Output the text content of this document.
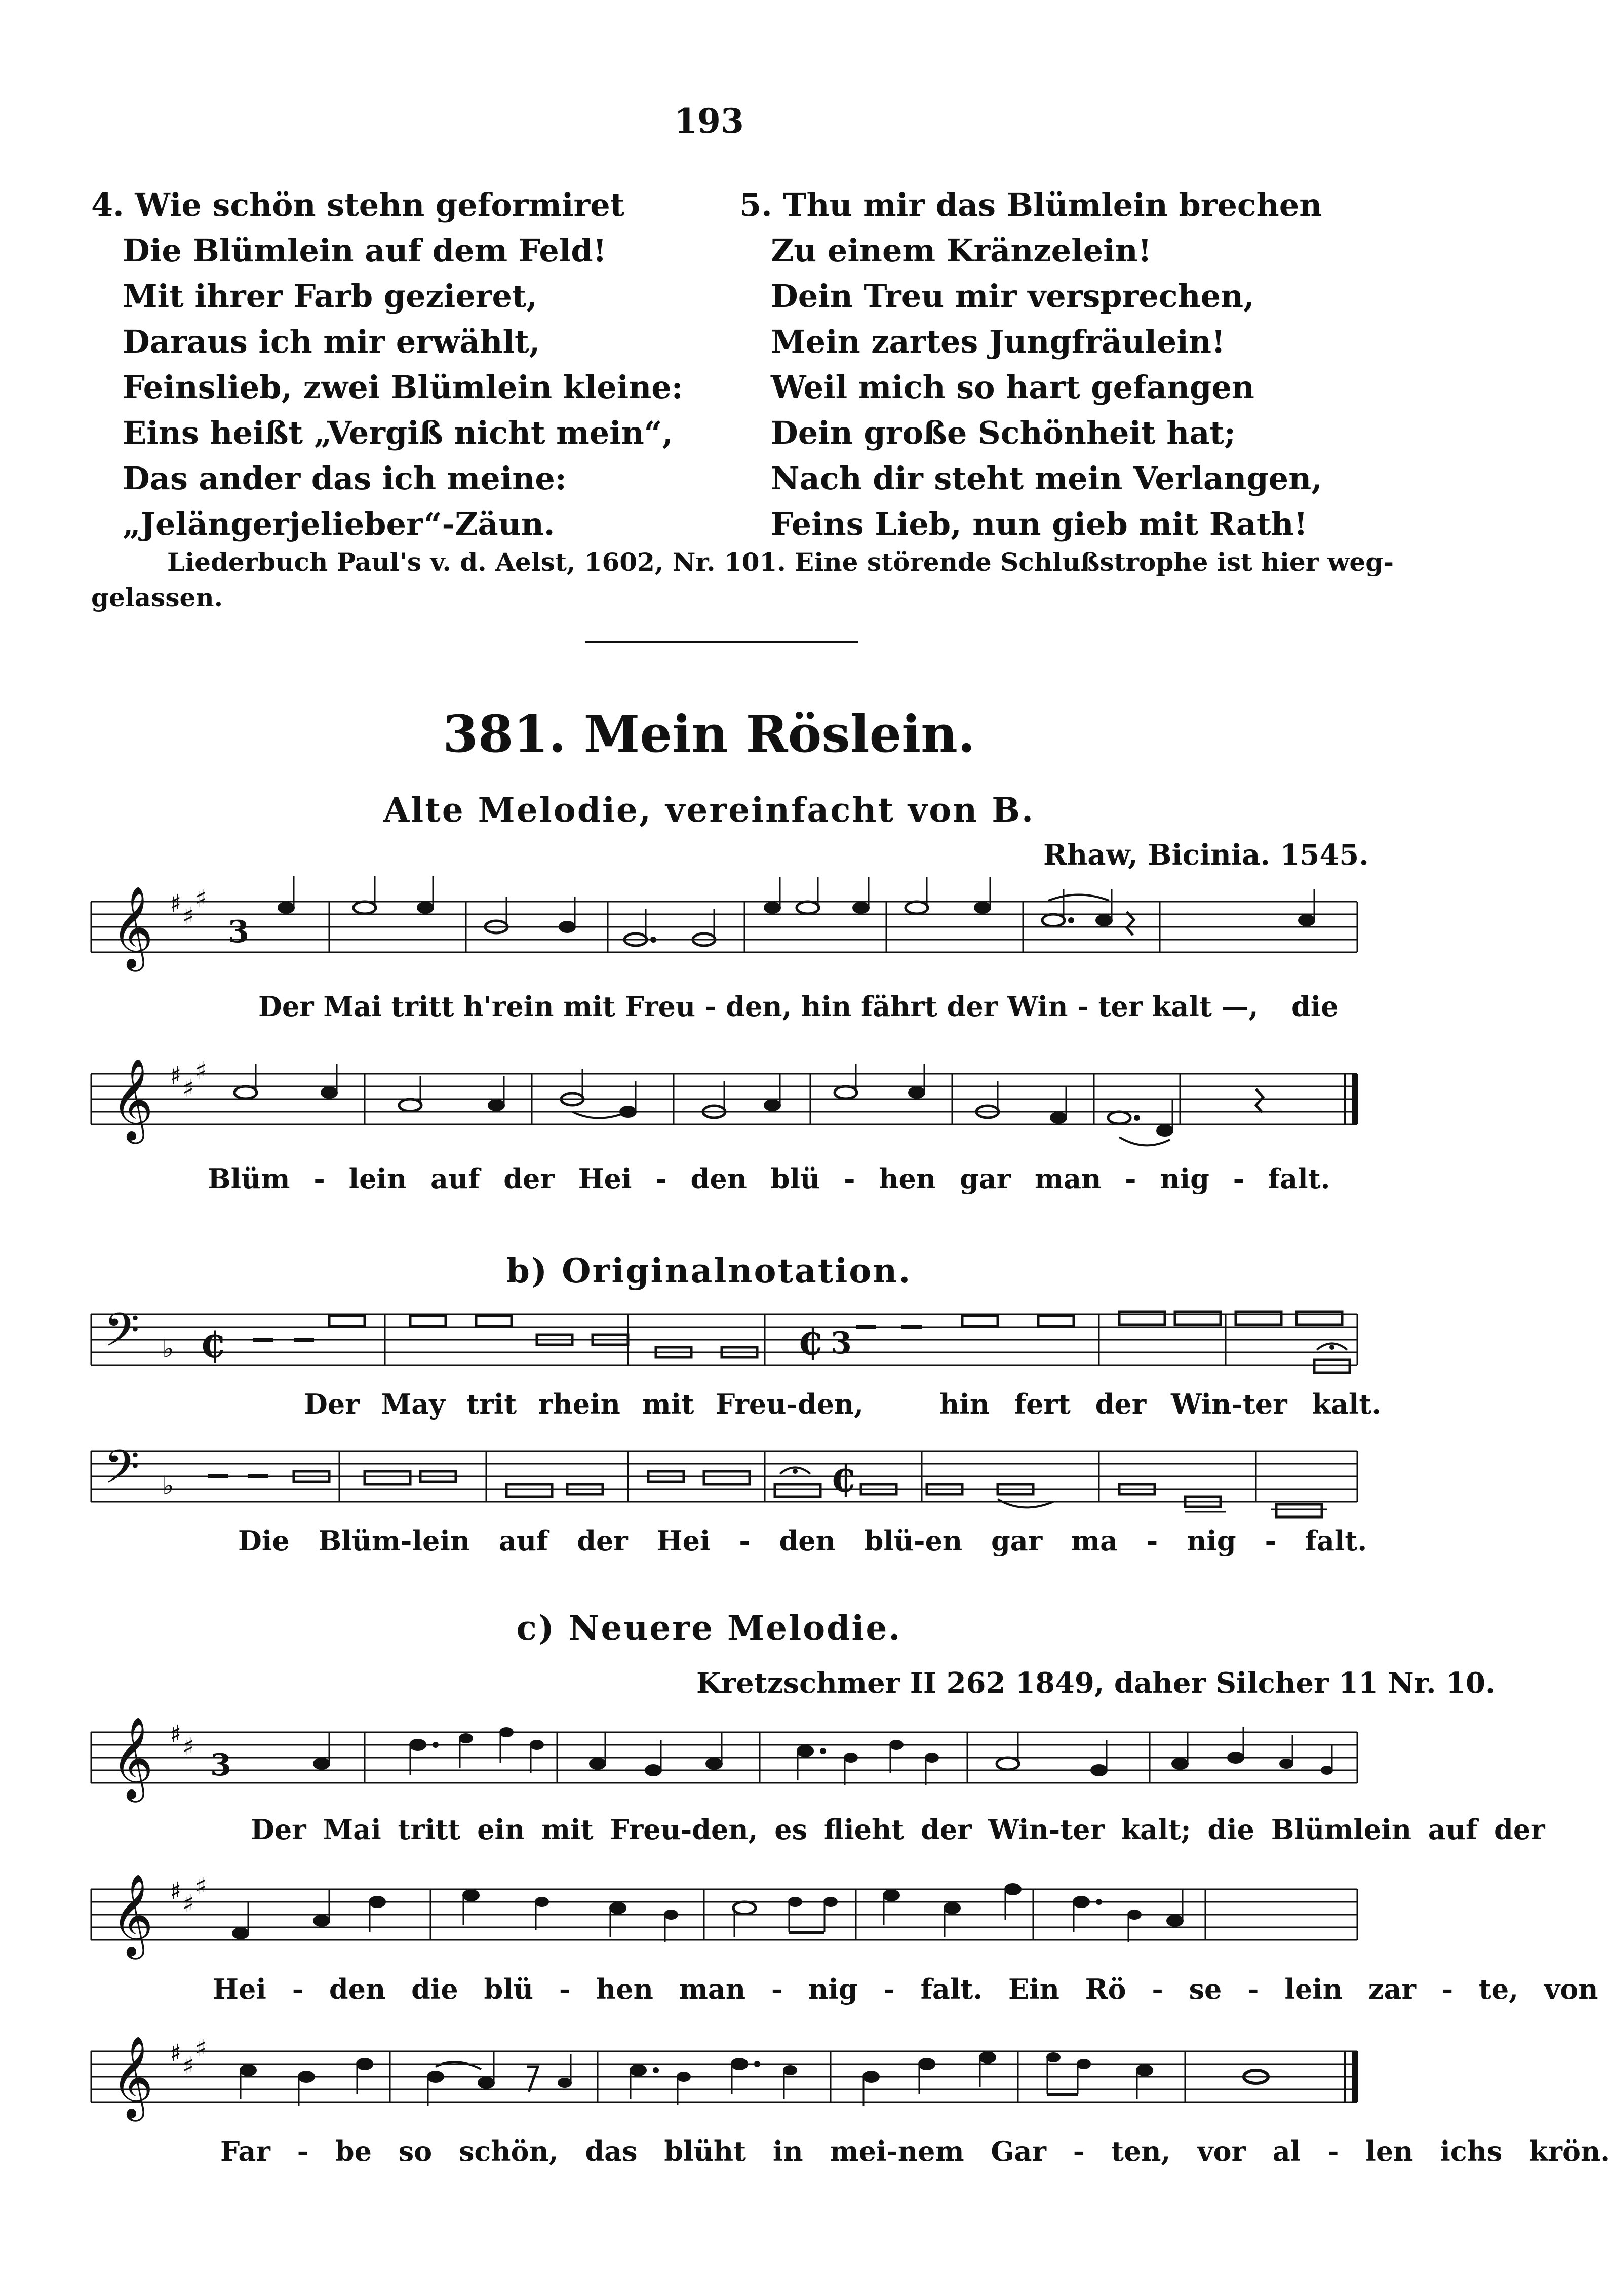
193
4. Wie schön stehn geformiret
Die Blümlein auf dem Feld!
Mit ihrer Farb gezieret,
Daraus ich mir erwählt,
Feinslieb, zwei Blümlein kleine:
Eins heißt „Vergiß nicht mein“,
Das ander das ich meine:
„Jelängerjelieber“-Zäun.
5. Thu mir das Blümlein brechen
Zu einem Kränzelein!
Dein Treu mir versprechen,
Mein zartes Jungfräulein!
Weil mich so hart gefangen
Dein große Schönheit hat;
Nach dir steht mein Verlangen,
Feins Lieb, nun gieb mit Rath!
Liederbuch Paul's v. d. Aelst, 1602, Nr. 101. Eine störende Schlußstrophe ist hier weg-
gelassen.
381. Mein Röslein.
Alte Melodie, vereinfacht von B.
Rhaw, Bicinia. 1545.
𝄞 ♯ ♯
♯
3
Der Mai tritt h'rein mit Freu - den, hin fährt der Win - ter kalt —, die
𝄞 ♯ ♯
♯
Blüm - lein auf der Hei - den blü - hen gar man - nig - falt.
b) Originalnotation.
𝄢 ♭ ₵	₵ 3
Der May trit rhein mit Freu-den,	hin fert der Win-ter kalt.
𝄢 ♭	₵
Die Blüm-lein auf der Hei - den blü-en gar ma - nig - falt.
c) Neuere Melodie.
Kretzschmer II 262 1849, daher Silcher 11 Nr. 10.
𝄞 ♯ ♯
3
Der Mai tritt ein mit Freu-den, es flieht der Win-ter kalt; die Blümlein auf der
𝄞 ♯ ♯
♯
Hei - den die blü - hen man - nig - falt. Ein Rö - se - lein zar - te, von
𝄞 ♯ ♯
♯
Far - be so schön, das blüht in mei-nem Gar - ten, vor al - len ichs krön.
